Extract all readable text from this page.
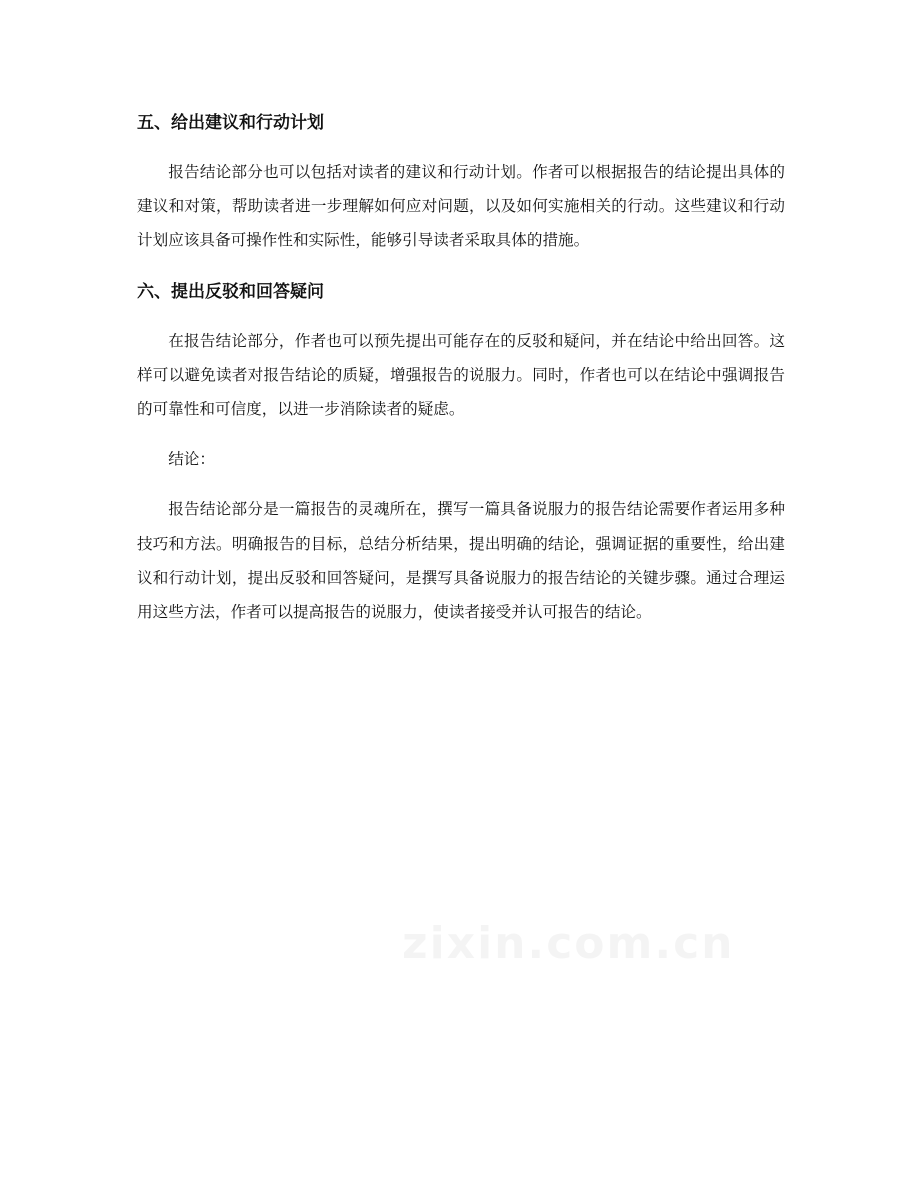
五、给出建议和行动计划

报告结论部分也可以包括对读者的建议和行动计划。作者可以根据报告的结论提出具体的建议和对策，帮助读者进一步理解如何应对问题，以及如何实施相关的行动。这些建议和行动计划应该具备可操作性和实际性，能够引导读者采取具体的措施。

六、提出反驳和回答疑问

在报告结论部分，作者也可以预先提出可能存在的反驳和疑问，并在结论中给出回答。这样可以避免读者对报告结论的质疑，增强报告的说服力。同时，作者也可以在结论中强调报告的可靠性和可信度，以进一步消除读者的疑虑。

结论：

报告结论部分是一篇报告的灵魂所在，撰写一篇具备说服力的报告结论需要作者运用多种技巧和方法。明确报告的目标，总结分析结果，提出明确的结论，强调证据的重要性，给出建议和行动计划，提出反驳和回答疑问，是撰写具备说服力的报告结论的关键步骤。通过合理运用这些方法，作者可以提高报告的说服力，使读者接受并认可报告的结论。
